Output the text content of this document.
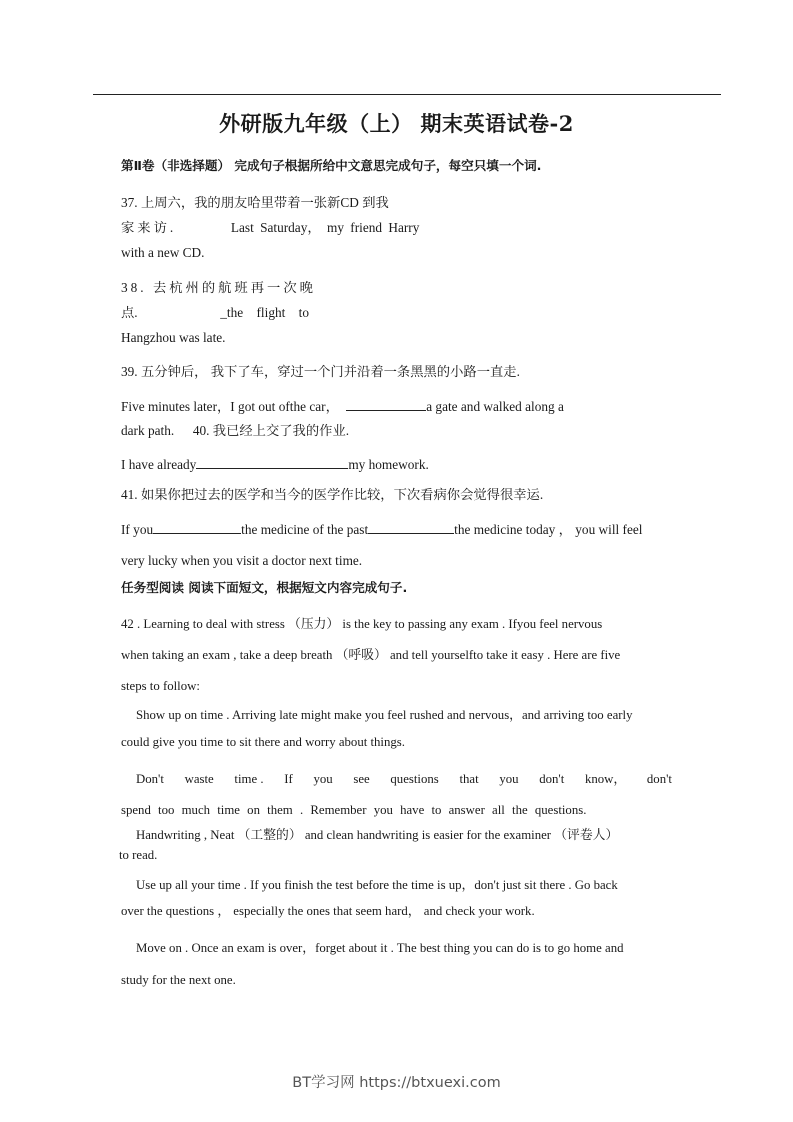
外研版九年级（上） 期末英语试卷-2
第Ⅱ卷（非选择题） 完成句子根据所给中文意思完成句子，每空只填一个词.
37. 上周六，我的朋友哈里带着一张新CD 到我
家来访.	Last Saturday， my friend Harry
with a new CD.
38. 去杭州的航班再一次晚
点.	_the flight to
Hangzhou was late.
39. 五分钟后， 我下了车，穿过一个门并沿着一条黑黑的小路一直走.
Five minutes later，I got out ofthe car，	a gate and walked along a
dark path. 40. 我已经上交了我的作业.
I have already	my homework.
41. 如果你把过去的医学和当今的医学作比较，下次看病你会觉得很幸运.
If you	the medicine of the past	the medicine today ， you will feel
very lucky when you visit a doctor next time.
任务型阅读 阅读下面短文，根据短文内容完成句子.
42 . Learning to deal with stress （压力） is the key to passing any exam . Ifyou feel nervous
when taking an exam , take a deep breath （呼吸） and tell yourselfto take it easy . Here are five
steps to follow:
Show up on time . Arriving late might make you feel rushed and nervous，and arriving too early
could give you time to sit there and worry about things.
Don't waste time . If you see questions that you don't know， don't
spend too much time on them . Remember you have to answer all the questions.
Handwriting , Neat （工整的） and clean handwriting is easier for the examiner （评卷人）
to read.
Use up all your time . If you finish the test before the time is up，don't just sit there . Go back
over the questions ， especially the ones that seem hard， and check your work.
Move on . Once an exam is over，forget about it . The best thing you can do is to go home and
study for the next one.
BT学习网 https://btxuexi.com
